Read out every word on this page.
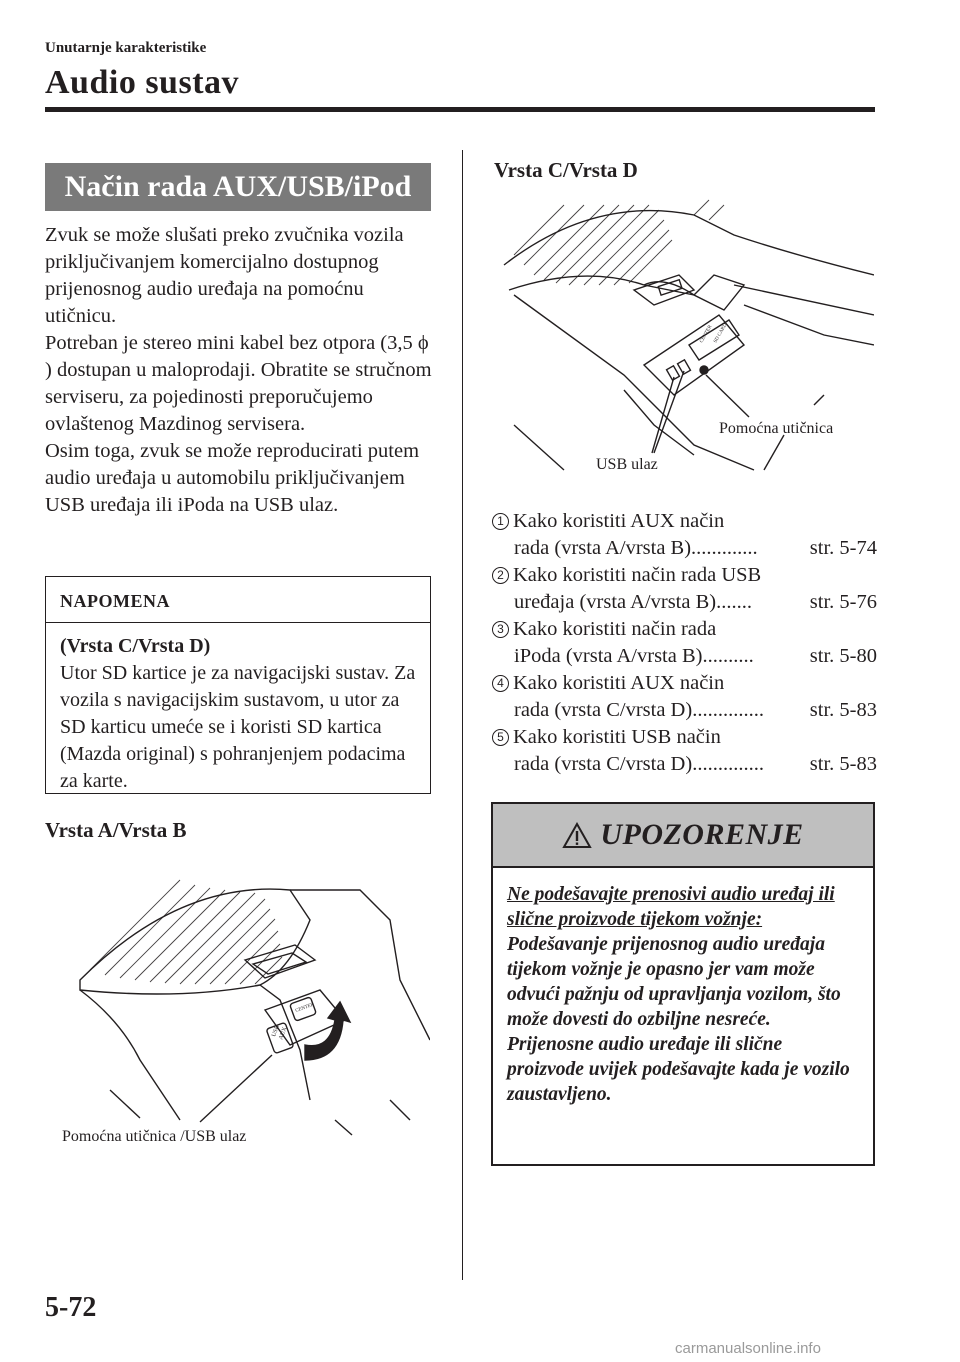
Unutarnje karakteristike
Audio sustav
Način rada AUX/USB/iPod

Zvuk se može slušati preko zvučnika vozila priključivanjem komercijalno dostupnog prijenosnog audio uređaja na pomoćnu utičnicu.

Potreban je stereo mini kabel bez otpora (3,5 ϕ ) dostupan u maloprodaji. Obratite se stručnom serviseru, za pojedinosti preporučujemo ovlaštenog Mazdinog servisera.

Osim toga, zvuk se može reproducirati putem audio uređaja u automobilu priključivanjem USB uređaja ili iPoda na USB ulaz.

NAPOMENA
(Vrsta C/Vrsta D)
Utor SD kartice je za navigacijski sustav. Za vozila s navigacijskim sustavom, u utor za SD karticu umeće se i koristi SD kartica (Mazda original) s pohranjenjem podacima za karte.
Vrsta A/Vrsta B
CENTER
USB
AUX
Pomoćna utičnica /USB ulaz
Vrsta C/Vrsta D
CENTER SD CARD
Pomoćna utičnica
USB ulaz
1 Kako koristiti AUX način
rada (vrsta A/vrsta B) .............	str. 5-74
2 Kako koristiti način rada USB
uređaja (vrsta A/vrsta B) .......	str. 5-76
3 Kako koristiti način rada
iPoda (vrsta A/vrsta B) ..........	str. 5-80
4 Kako koristiti AUX način
rada (vrsta C/vrsta D) ..............	str. 5-83
5 Kako koristiti USB način
rada (vrsta C/vrsta D) ..............	str. 5-83
UPOZORENJE
Ne podešavajte prenosivi audio uređaj ili slične proizvode tijekom vožnje:
Podešavanje prijenosnog audio uređaja tijekom vožnje je opasno jer vam može odvući pažnju od upravljanja vozilom, što može dovesti do ozbiljne nesreće. Prijenosne audio uređaje ili slične proizvode uvijek podešavajte kada je vozilo zaustavljeno.
5-72
carmanualsonline.info
